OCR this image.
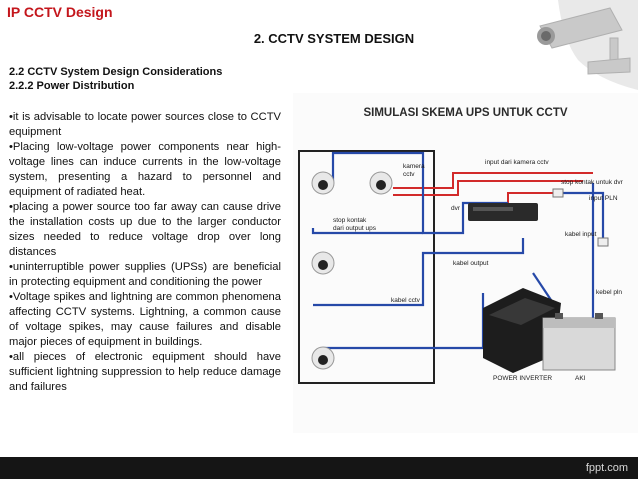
IP CCTV Design
2. CCTV SYSTEM DESIGN
2.2 CCTV System Design Considerations
2.2.2 Power Distribution

•it is advisable to locate power sources close to CCTV equipment

•Placing low-voltage power components near high-voltage lines can induce currents in the low-voltage system, presenting a hazard to personnel and equipment of radiated heat.

•placing a power source too far away can cause drive the installation costs up due to the larger conductor sizes needed to reduce voltage drop over long distances

•uninterruptible power supplies (UPSs) are beneficial in protecting equipment and conditioning the power

•Voltage spikes and lightning are common phenomena affecting CCTV systems. Lightning, a common cause of voltage spikes, may cause failures and disable major pieces of equipment in buildings.

•all pieces of electronic equipment should have sufficient lightning suppression to help reduce damage and failures

SIMULASI SKEMA UPS UNTUK CCTV
kamera
cctv
input dari kamera cctv
stop kontak untuk dvr
input PLN
dvr
stop kontak
dari output ups
kabel input
kabel output
kabel cctv
kebel pln
POWER INVERTER	AKI
fppt.com
